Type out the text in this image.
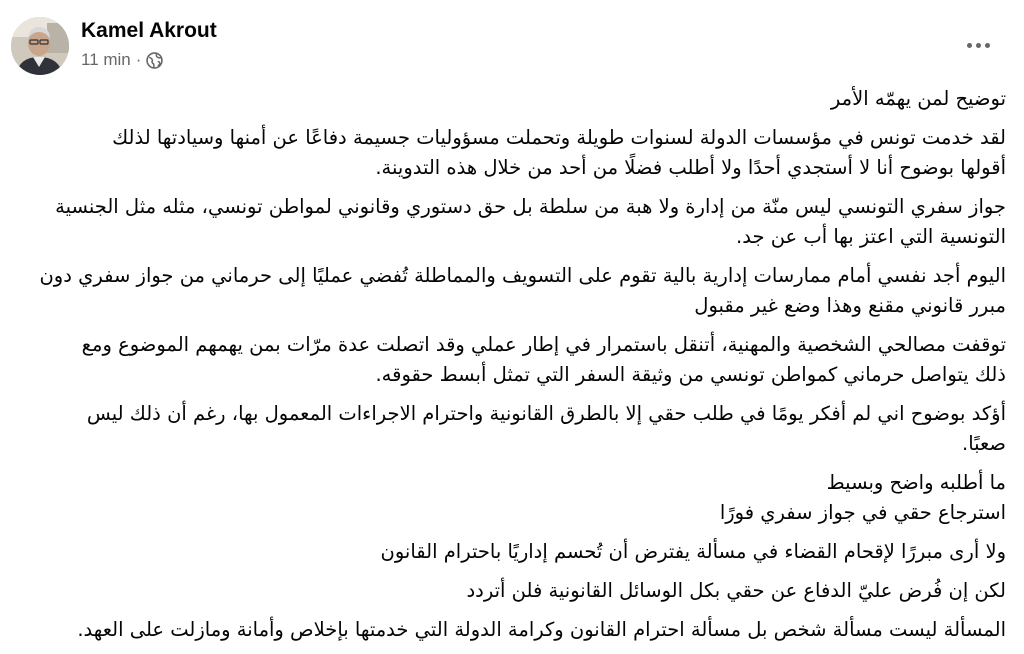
Kamel Akrout
11 min ·

توضيح لمن يهمّه الأمر

لقد خدمت تونس في مؤسسات الدولة لسنوات طويلة وتحملت مسؤوليات جسيمة دفاعًا عن أمنها وسيادتها لذلك
أقولها بوضوح أنا لا أستجدي أحدًا ولا أطلب فضلًا من أحد من خلال هذه التدوينة.

جواز سفري التونسي ليس منّة من إدارة ولا هبة من سلطة بل حق دستوري وقانوني لمواطن تونسي، مثله مثل الجنسية
التونسية التي اعتز بها أب عن جد.

اليوم أجد نفسي أمام ممارسات إدارية بالية تقوم على التسويف والمماطلة تُفضي عمليًا إلى حرماني من جواز سفري دون
مبرر قانوني مقنع وهذا وضع غير مقبول

توقفت مصالحي الشخصية والمهنية، أتنقل باستمرار في إطار عملي وقد اتصلت عدة مرّات بمن يهمهم الموضوع ومع
ذلك يتواصل حرماني كمواطن تونسي من وثيقة السفر التي تمثل أبسط حقوقه.

أؤكد بوضوح اني لم أفكر يومًا في طلب حقي إلا بالطرق القانونية واحترام الاجراءات المعمول بها، رغم أن ذلك ليس
صعبًا.

ما أطلبه واضح وبسيط
استرجاع حقي في جواز سفري فورًا

ولا أرى مبررًا لإقحام القضاء في مسألة يفترض أن تُحسم إداريًا باحترام القانون

لكن إن فُرض عليّ الدفاع عن حقي بكل الوسائل القانونية فلن أتردد

المسألة ليست مسألة شخص بل مسألة احترام القانون وكرامة الدولة التي خدمتها بإخلاص وأمانة ومازلت على العهد.
